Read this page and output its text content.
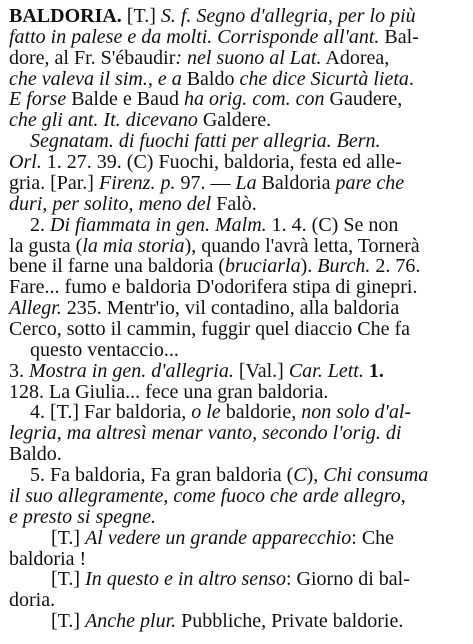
BALDORIA. [T.] S. f. Segno d'allegria, per lo più
fatto in palese e da molti. Corrisponde all'ant. Bal-
dore, al Fr. S'ébaudir: nel suono al Lat. Adorea,
che valeva il sim., e a Baldo che dice Sicurtà lieta.
E forse Balde e Baud ha orig. com. con Gaudere,
che gli ant. It. dicevano Galdere.
Segnatam. di fuochi fatti per allegria. Bern.
Orl. 1. 27. 39. (C) Fuochi, baldoria, festa ed alle-
gria. [Par.] Firenz. p. 97. — La Baldoria pare che
duri, per solito, meno del Falò.
2. Di fiammata in gen. Malm. 1. 4. (C) Se non
la gusta (la mia storia), quando l'avrà letta, Tornerà
bene il farne una baldoria (bruciarla). Burch. 2. 76.
Fare... fumo e baldoria D'odorifera stipa di ginepri.
Allegr. 235. Mentr'io, vil contadino, alla baldoria
Cerco, sotto il cammin, fuggir quel diaccio Che fa
questo ventaccio...
3. Mostra in gen. d'allegria. [Val.] Car. Lett. 1.
128. La Giulia... fece una gran baldoria.
4. [T.] Far baldoria, o le baldorie, non solo d'al-
legria, ma altresì menar vanto, secondo l'orig. di
Baldo.
5. Fa baldoria, Fa gran baldoria (C), Chi consuma
il suo allegramente, come fuoco che arde allegro,
e presto si spegne.
[T.] Al vedere un grande apparecchio: Che
baldoria !
[T.] In questo e in altro senso: Giorno di bal-
doria.
[T.] Anche plur. Pubbliche, Private baldorie.
